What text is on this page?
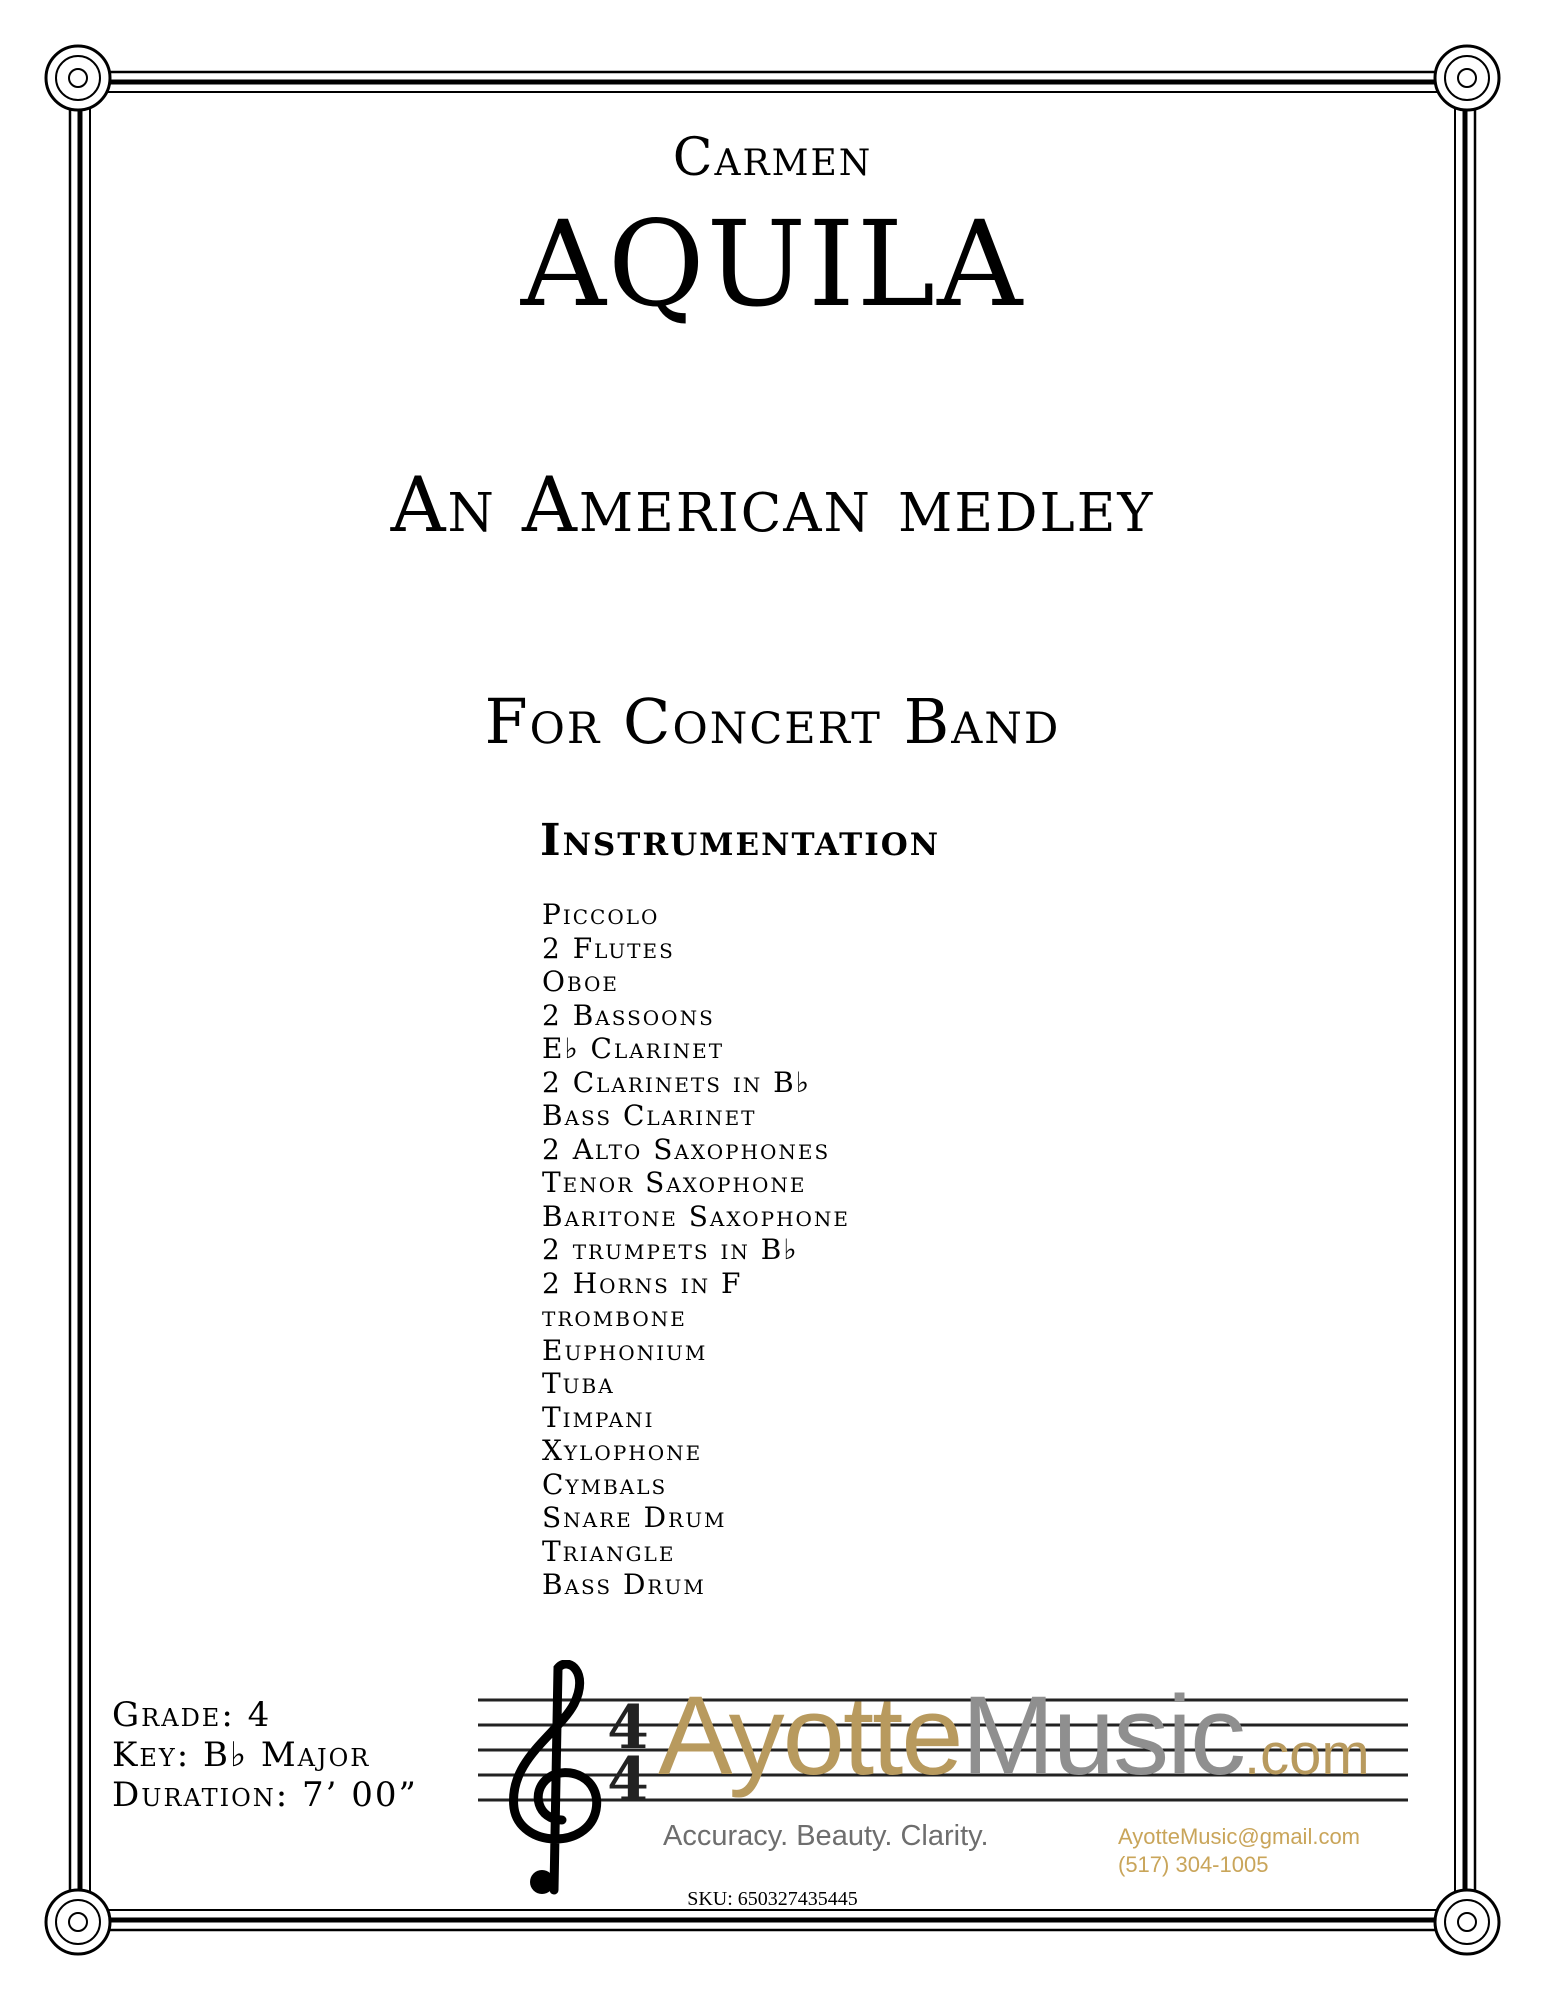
Carmen
AQUILA
An American medley
For Concert Band
Instrumentation
Piccolo
2 Flutes
Oboe
2 Bassoons
E♭ Clarinet
2 Clarinets in B♭
Bass Clarinet
2 Alto Saxophones
Tenor Saxophone
Baritone Saxophone
2 trumpets in B♭
2 Horns in F
trombone
Euphonium
Tuba
Timpani
Xylophone
Cymbals
Snare Drum
Triangle
Bass Drum
Grade: 4
Key: B♭ Major
Duration: 7’ 00”
4
4 AyotteMusic.com
Accuracy. Beauty. Clarity.	AyotteMusic@gmail.com
(517) 304-1005
SKU: 650327435445
